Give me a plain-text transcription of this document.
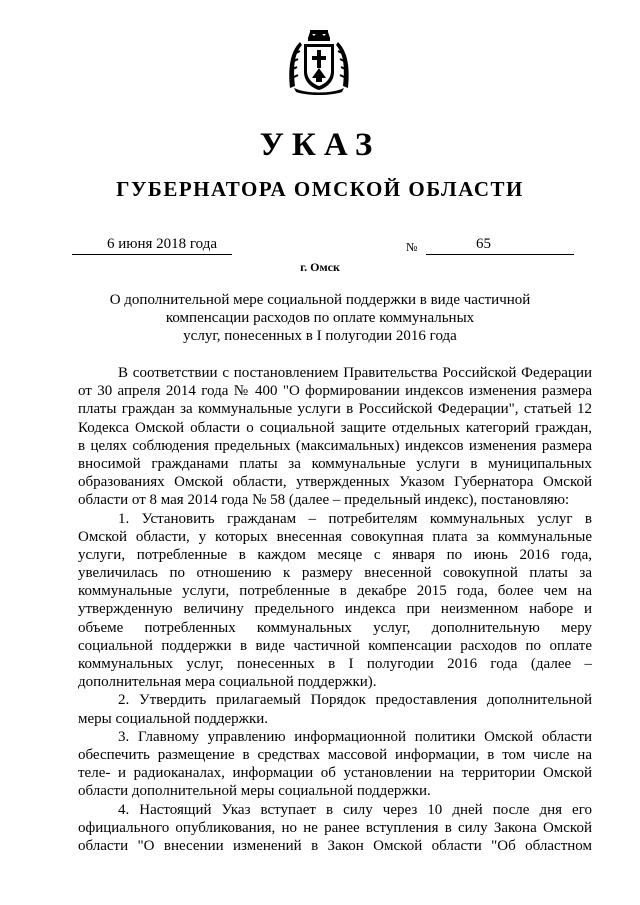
УКАЗ
ГУБЕРНАТОРА ОМСКОЙ ОБЛАСТИ
6 июня 2018 года	№	65
г. Омск
О дополнительной мере социальной поддержки в виде частичной
компенсации расходов по оплате коммунальных
услуг, понесенных в I полугодии 2016 года
В соответствии с постановлением Правительства Российской Федерации
от 30 апреля 2014 года № 400 "О формировании индексов изменения размера
платы граждан за коммунальные услуги в Российской Федерации", статьей 12
Кодекса Омской области о социальной защите отдельных категорий граждан,
в целях соблюдения предельных (максимальных) индексов изменения размера
вносимой гражданами платы за коммунальные услуги в муниципальных
образованиях Омской области, утвержденных Указом Губернатора Омской
области от 8 мая 2014 года № 58 (далее – предельный индекс), постановляю:
1. Установить гражданам – потребителям коммунальных услуг в
Омской области, у которых внесенная совокупная плата за коммунальные
услуги, потребленные в каждом месяце с января по июнь 2016 года,
увеличилась по отношению к размеру внесенной совокупной платы за
коммунальные услуги, потребленные в декабре 2015 года, более чем на
утвержденную величину предельного индекса при неизменном наборе и
объеме потребленных коммунальных услуг, дополнительную меру
социальной поддержки в виде частичной компенсации расходов по оплате
коммунальных услуг, понесенных в I полугодии 2016 года (далее –
дополнительная мера социальной поддержки).
2. Утвердить прилагаемый Порядок предоставления дополнительной
меры социальной поддержки.
3. Главному управлению информационной политики Омской области
обеспечить размещение в средствах массовой информации, в том числе на
теле- и радиоканалах, информации об установлении на территории Омской
области дополнительной меры социальной поддержки.
4. Настоящий Указ вступает в силу через 10 дней после дня его
официального опубликования, но не ранее вступления в силу Закона Омской
области "О внесении изменений в Закон Омской области "Об областном
